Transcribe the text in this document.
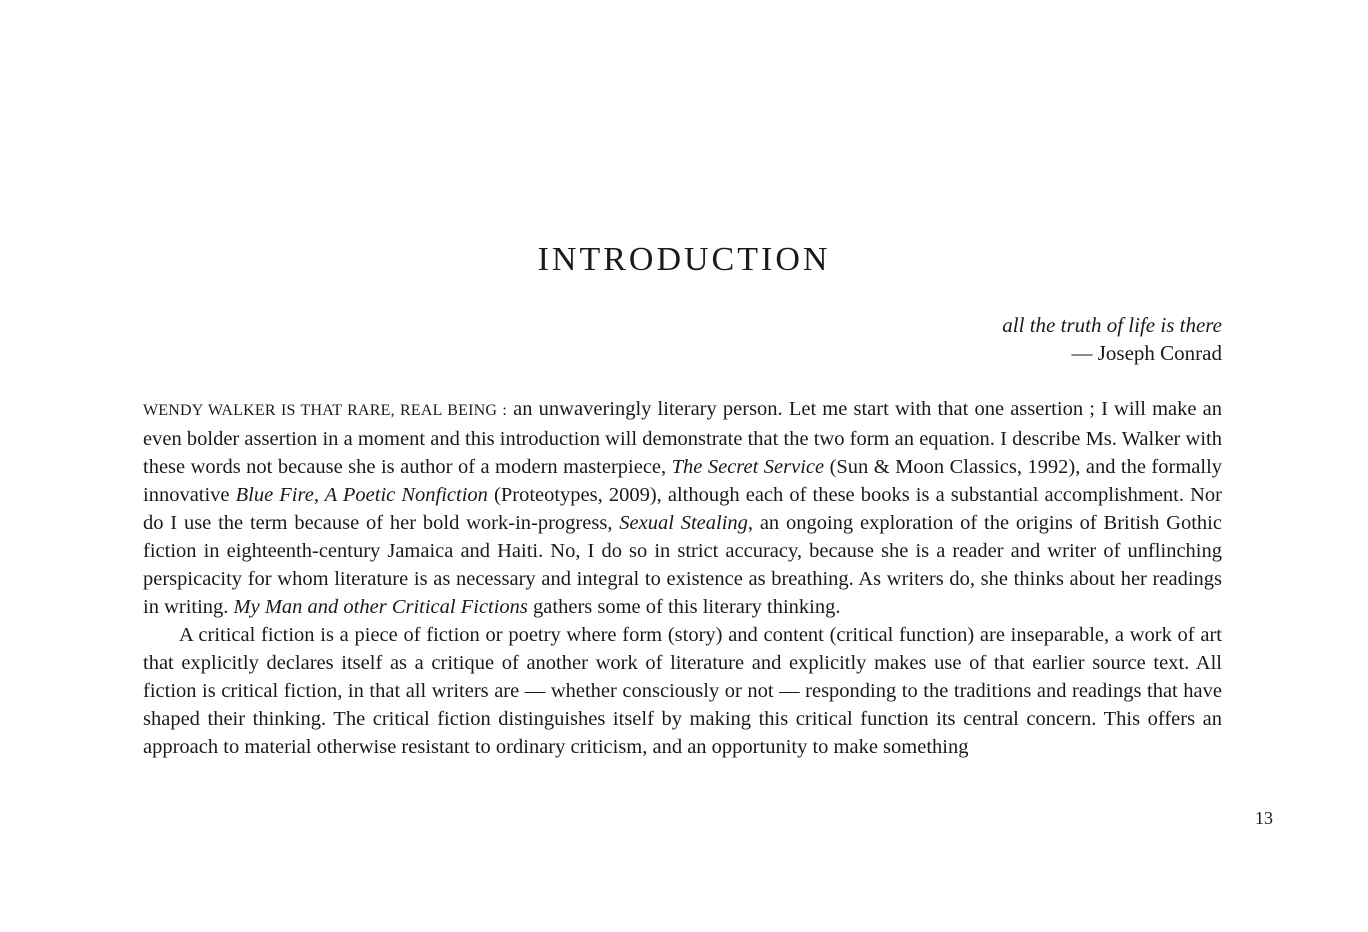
INTRODUCTION
all the truth of life is there
— Joseph Conrad

WENDY WALKER IS THAT RARE, REAL BEING : an unwaveringly literary person. Let me start with that one assertion ; I will make an even bolder assertion in a moment and this introduction will demonstrate that the two form an equation. I describe Ms. Walker with these words not because she is author of a modern masterpiece, The Secret Service (Sun & Moon Classics, 1992), and the formally innovative Blue Fire, A Poetic Nonfiction (Proteotypes, 2009), although each of these books is a substantial accomplishment. Nor do I use the term because of her bold work-in-progress, Sexual Stealing, an ongoing exploration of the origins of British Gothic fiction in eighteenth-century Jamaica and Haiti. No, I do so in strict accuracy, because she is a reader and writer of unflinching perspicacity for whom literature is as necessary and integral to existence as breathing. As writers do, she thinks about her readings in writing. My Man and other Critical Fictions gathers some of this literary thinking.

A critical fiction is a piece of fiction or poetry where form (story) and content (critical function) are inseparable, a work of art that explicitly declares itself as a critique of another work of literature and explicitly makes use of that earlier source text. All fiction is critical fiction, in that all writers are — whether consciously or not — responding to the traditions and readings that have shaped their thinking. The critical fiction distinguishes itself by making this critical function its central concern. This offers an approach to material otherwise resistant to ordinary criticism, and an opportunity to make something

13
